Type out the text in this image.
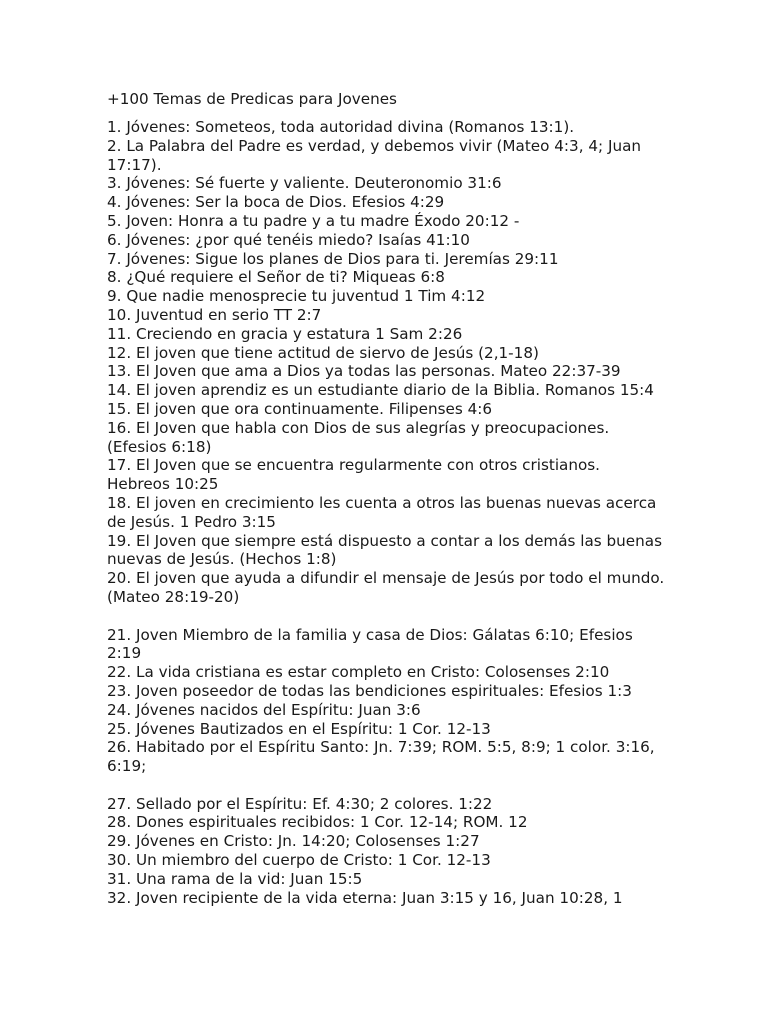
+100 Temas de Predicas para Jovenes
1. Jóvenes: Someteos, toda autoridad divina (Romanos 13:1).
2. La Palabra del Padre es verdad, y debemos vivir (Mateo 4:3, 4; Juan 17:17).
3. Jóvenes: Sé fuerte y valiente. Deuteronomio 31:6
4. Jóvenes: Ser la boca de Dios. Efesios 4:29
5. Joven: Honra a tu padre y a tu madre Éxodo 20:12 -
6. Jóvenes: ¿por qué tenéis miedo? Isaías 41:10
7. Jóvenes: Sigue los planes de Dios para ti. Jeremías 29:11
8. ¿Qué requiere el Señor de ti? Miqueas 6:8
9. Que nadie menosprecie tu juventud 1 Tim 4:12
10. Juventud en serio TT 2:7
11. Creciendo en gracia y estatura 1 Sam 2:26
12. El joven que tiene actitud de siervo de Jesús (2,1-18)
13. El Joven que ama a Dios ya todas las personas. Mateo 22:37-39
14. El joven aprendiz es un estudiante diario de la Biblia. Romanos 15:4
15. El joven que ora continuamente. Filipenses 4:6
16. El Joven que habla con Dios de sus alegrías y preocupaciones. (Efesios 6:18)
17. El Joven que se encuentra regularmente con otros cristianos. Hebreos 10:25
18. El joven en crecimiento les cuenta a otros las buenas nuevas acerca de Jesús. 1 Pedro 3:15
19. El Joven que siempre está dispuesto a contar a los demás las buenas nuevas de Jesús. (Hechos 1:8)
20. El joven que ayuda a difundir el mensaje de Jesús por todo el mundo. (Mateo 28:19-20)
21. Joven Miembro de la familia y casa de Dios: Gálatas 6:10; Efesios 2:19
22. La vida cristiana es estar completo en Cristo: Colosenses 2:10
23. Joven poseedor de todas las bendiciones espirituales: Efesios 1:3
24. Jóvenes nacidos del Espíritu: Juan 3:6
25. Jóvenes Bautizados en el Espíritu: 1 Cor. 12-13
26. Habitado por el Espíritu Santo: Jn. 7:39; ROM. 5:5, 8:9; 1 color. 3:16, 6:19;
27. Sellado por el Espíritu: Ef. 4:30; 2 colores. 1:22
28. Dones espirituales recibidos: 1 Cor. 12-14; ROM. 12
29. Jóvenes en Cristo: Jn. 14:20; Colosenses 1:27
30. Un miembro del cuerpo de Cristo: 1 Cor. 12-13
31. Una rama de la vid: Juan 15:5
32. Joven recipiente de la vida eterna: Juan 3:15 y 16, Juan 10:28, 1
